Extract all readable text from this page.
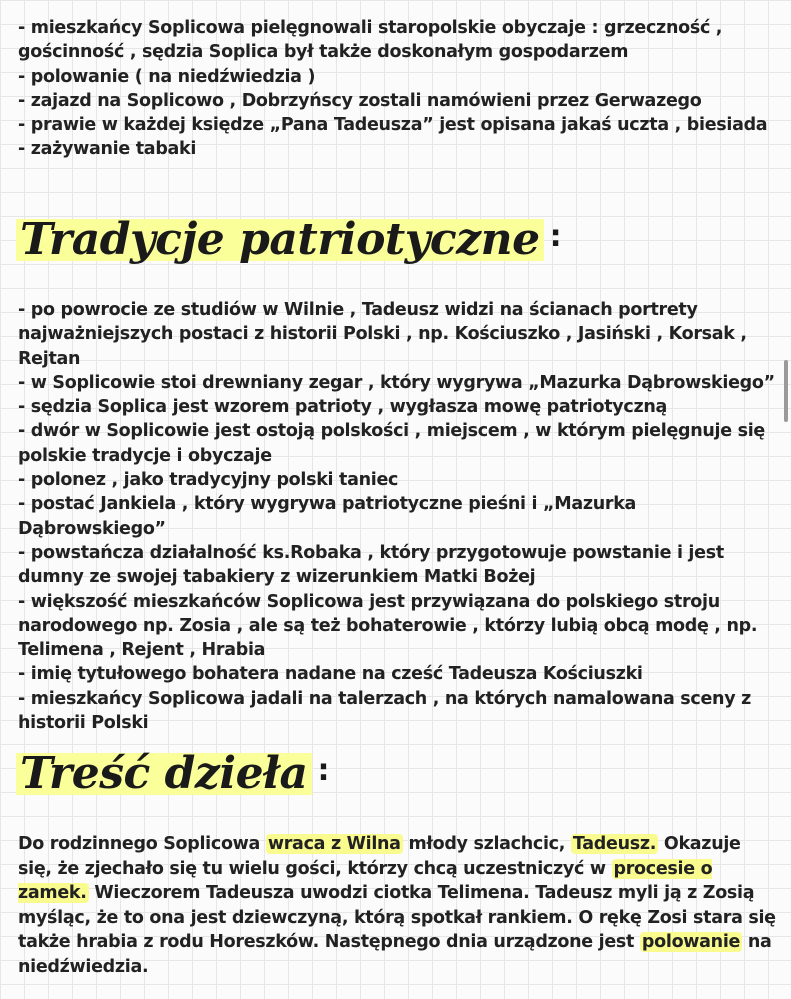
- mieszkańcy Soplicowa pielęgnowali staropolskie obyczaje : grzeczność , gościnność , sędzia Soplica był także doskonałym gospodarzem
- polowanie ( na niedźwiedzia )
- zajazd na Soplicowo , Dobrzyńscy zostali namówieni przez Gerwazego
- prawie w każdej księdze „Pana Tadeusza” jest opisana jakaś uczta , biesiada
- zażywanie tabaki
Tradycje patriotyczne :
- po powrocie ze studiów w Wilnie , Tadeusz widzi na ścianach portrety najważniejszych postaci z historii Polski , np. Kościuszko , Jasiński , Korsak , Rejtan
- w Soplicowie stoi drewniany zegar , który wygrywa „Mazurka Dąbrowskiego”
- sędzia Soplica jest wzorem patrioty , wygłasza mowę patriotyczną
- dwór w Soplicowie jest ostoją polskości , miejscem , w którym pielęgnuje się polskie tradycje i obyczaje
- polonez , jako tradycyjny polski taniec
- postać Jankiela , który wygrywa patriotyczne pieśni i „Mazurka Dąbrowskiego”
- powstańcza działalność ks.Robaka , który przygotowuje powstanie i jest dumny ze swojej tabakiery z wizerunkiem Matki Bożej
- większość mieszkańców Soplicowa jest przywiązana do polskiego stroju narodowego np. Zosia , ale są też bohaterowie , którzy lubią obcą modę , np. Telimena , Rejent , Hrabia
- imię tytułowego bohatera nadane na cześć Tadeusza Kościuszki
- mieszkańcy Soplicowa jadali na talerzach , na których namalowana sceny z historii Polski
Treść dzieła :
Do rodzinnego Soplicowa wraca z Wilna młody szlachcic, Tadeusz. Okazuje się, że zjechało się tu wielu gości, którzy chcą uczestniczyć w procesie o zamek. Wieczorem Tadeusza uwodzi ciotka Telimena. Tadeusz myli ją z Zosią myśląc, że to ona jest dziewczyną, którą spotkał rankiem. O rękę Zosi stara się także hrabia z rodu Horeszków. Następnego dnia urządzone jest polowanie na niedźwiedzia.
